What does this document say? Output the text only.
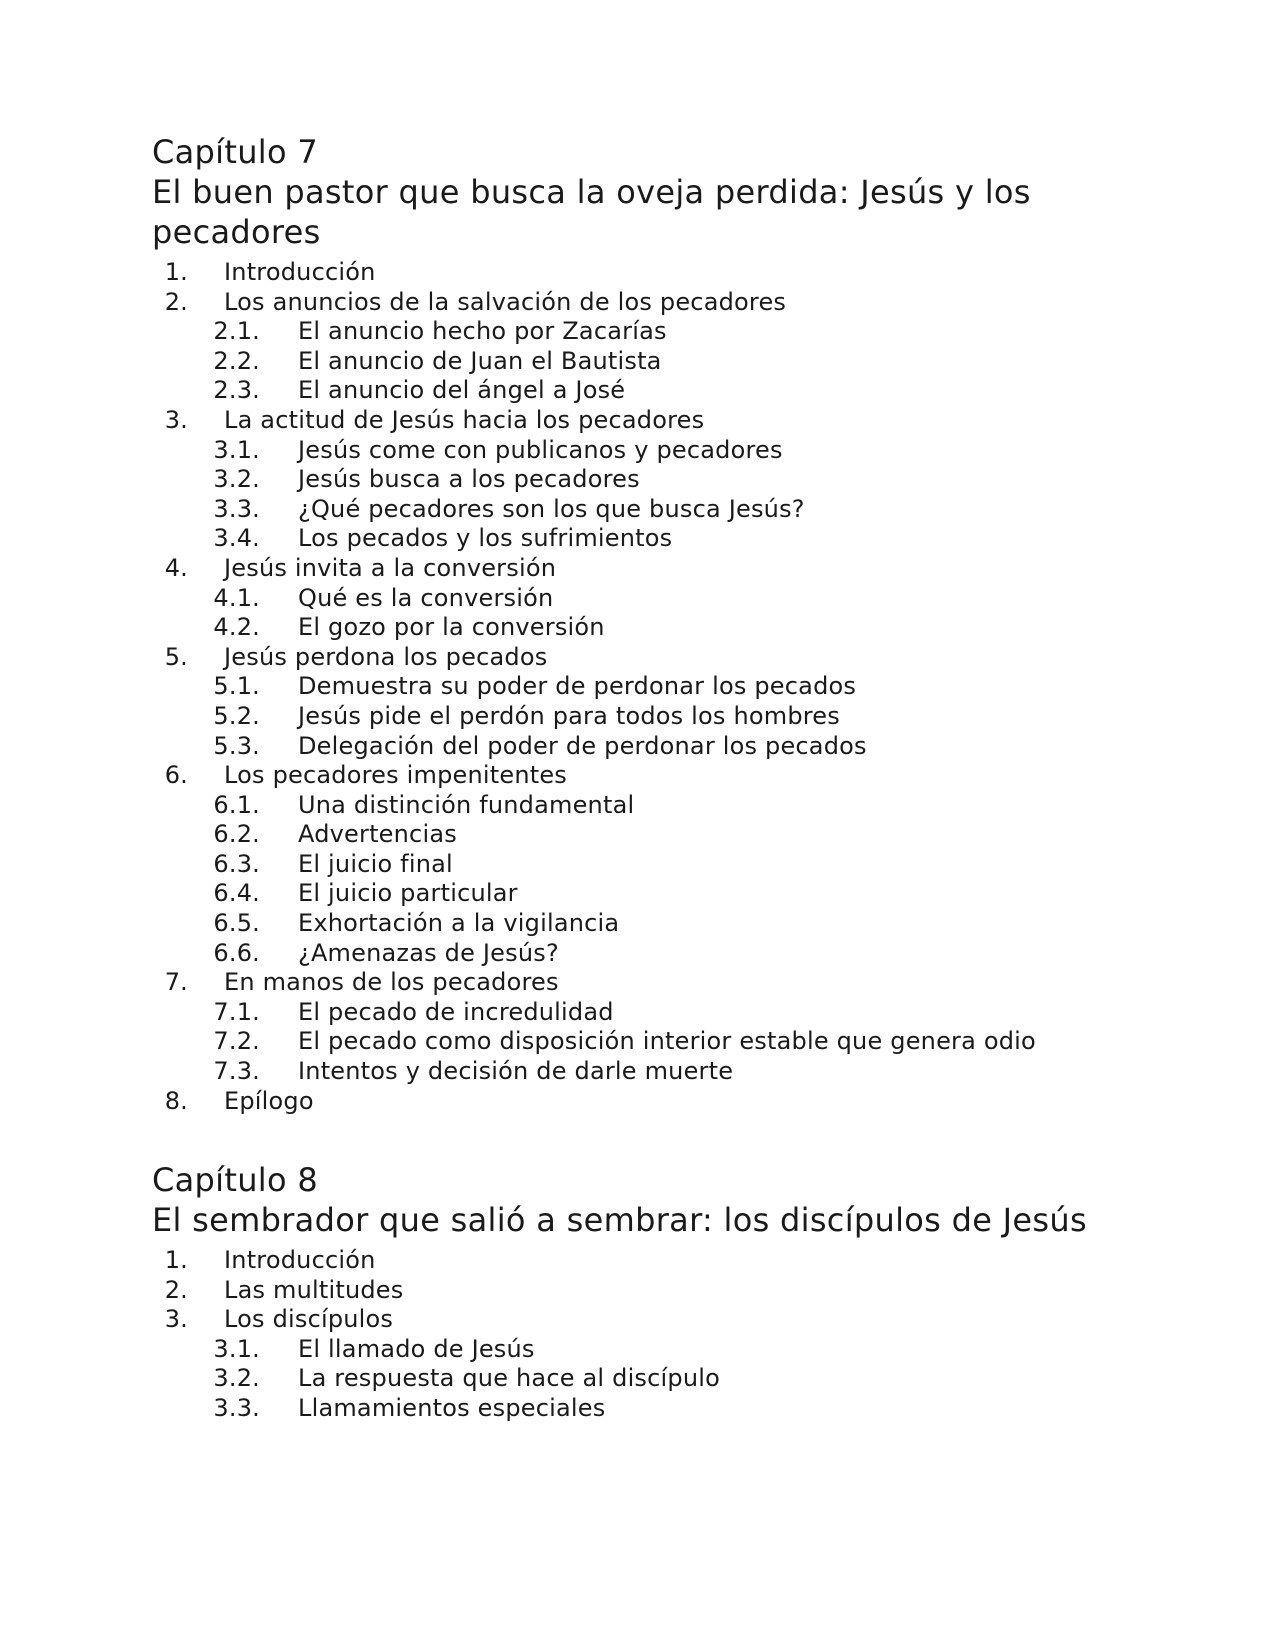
Capítulo 7
El buen pastor que busca la oveja perdida: Jesús y los pecadores
1. Introducción
2. Los anuncios de la salvación de los pecadores
2.1. El anuncio hecho por Zacarías
2.2. El anuncio de Juan el Bautista
2.3. El anuncio del ángel a José
3. La actitud de Jesús hacia los pecadores
3.1. Jesús come con publicanos y pecadores
3.2. Jesús busca a los pecadores
3.3. ¿Qué pecadores son los que busca Jesús?
3.4. Los pecados y los sufrimientos
4. Jesús invita a la conversión
4.1. Qué es la conversión
4.2. El gozo por la conversión
5. Jesús perdona los pecados
5.1. Demuestra su poder de perdonar los pecados
5.2. Jesús pide el perdón para todos los hombres
5.3. Delegación del poder de perdonar los pecados
6. Los pecadores impenitentes
6.1. Una distinción fundamental
6.2. Advertencias
6.3. El juicio final
6.4. El juicio particular
6.5. Exhortación a la vigilancia
6.6. ¿Amenazas de Jesús?
7. En manos de los pecadores
7.1. El pecado de incredulidad
7.2. El pecado como disposición interior estable que genera odio
7.3. Intentos y decisión de darle muerte
8. Epílogo
Capítulo 8
El sembrador que salió a sembrar: los discípulos de Jesús
1. Introducción
2. Las multitudes
3. Los discípulos
3.1. El llamado de Jesús
3.2. La respuesta que hace al discípulo
3.3. Llamamientos especiales
